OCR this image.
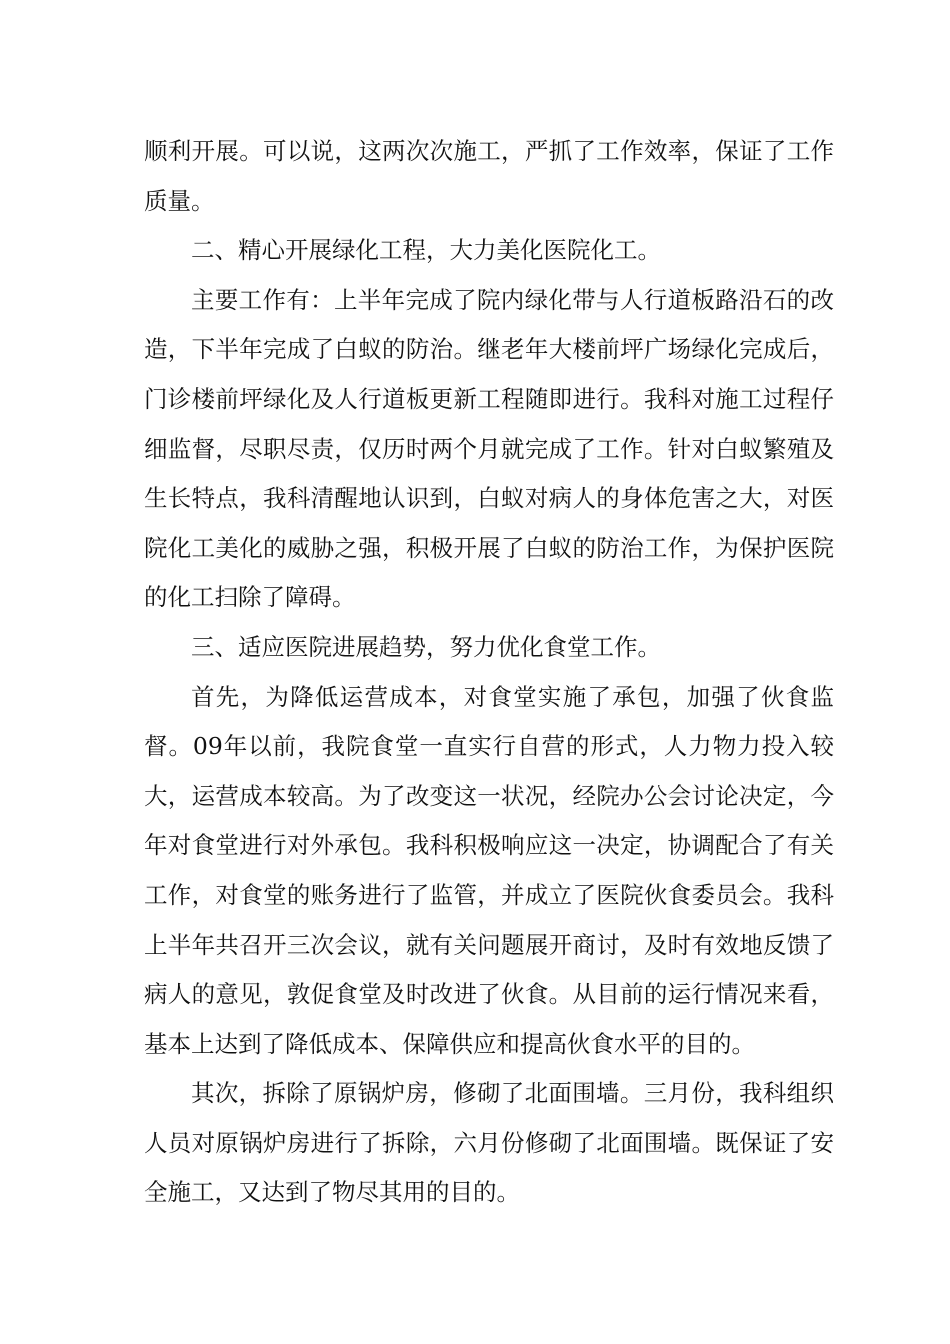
顺利开展。可以说，这两次次施工，严抓了工作效率，保证了工作质量。

二、精心开展绿化工程，大力美化医院化工。

主要工作有：上半年完成了院内绿化带与人行道板路沿石的改造，下半年完成了白蚁的防治。继老年大楼前坪广场绿化完成后，门诊楼前坪绿化及人行道板更新工程随即进行。我科对施工过程仔细监督，尽职尽责，仅历时两个月就完成了工作。针对白蚁繁殖及生长特点，我科清醒地认识到，白蚁对病人的身体危害之大，对医院化工美化的威胁之强，积极开展了白蚁的防治工作，为保护医院的化工扫除了障碍。

三、适应医院进展趋势，努力优化食堂工作。

首先，为降低运营成本，对食堂实施了承包，加强了伙食监督。09年以前，我院食堂一直实行自营的形式，人力物力投入较大，运营成本较高。为了改变这一状况，经院办公会讨论决定，今年对食堂进行对外承包。我科积极响应这一决定，协调配合了有关工作，对食堂的账务进行了监管，并成立了医院伙食委员会。我科上半年共召开三次会议，就有关问题展开商讨，及时有效地反馈了病人的意见，敦促食堂及时改进了伙食。从目前的运行情况来看，基本上达到了降低成本、保障供应和提高伙食水平的目的。

其次，拆除了原锅炉房，修砌了北面围墙。三月份，我科组织人员对原锅炉房进行了拆除，六月份修砌了北面围墙。既保证了安全施工，又达到了物尽其用的目的。
